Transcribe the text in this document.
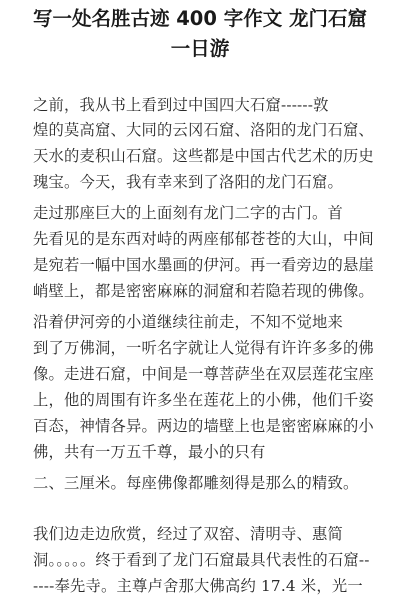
写一处名胜古迹 400 字作文 龙门石窟
一日游
之前，我从书上看到过中国四大石窟------敦
煌的莫高窟、大同的云冈石窟、洛阳的龙门石窟、
天水的麦积山石窟。这些都是中国古代艺术的历史
瑰宝。今天，我有幸来到了洛阳的龙门石窟。
走过那座巨大的上面刻有龙门二字的古门。首
先看见的是东西对峙的两座郁郁苍苍的大山，中间
是宛若一幅中国水墨画的伊河。再一看旁边的悬崖
峭壁上，都是密密麻麻的洞窟和若隐若现的佛像。
沿着伊河旁的小道继续往前走，不知不觉地来
到了万佛洞，一听名字就让人觉得有许许多多的佛
像。走进石窟，中间是一尊菩萨坐在双层莲花宝座
上，他的周围有许多坐在莲花上的小佛，他们千姿
百态，神情各异。两边的墙壁上也是密密麻麻的小
佛，共有一万五千尊，最小的只有
二、三厘米。每座佛像都雕刻得是那么的精致。
我们边走边欣赏，经过了双窑、清明寺、惠简
洞。。。。。终于看到了龙门石窟最具代表性的石窟--
----奉先寺。主尊卢舍那大佛高约 17.4 米，光一
